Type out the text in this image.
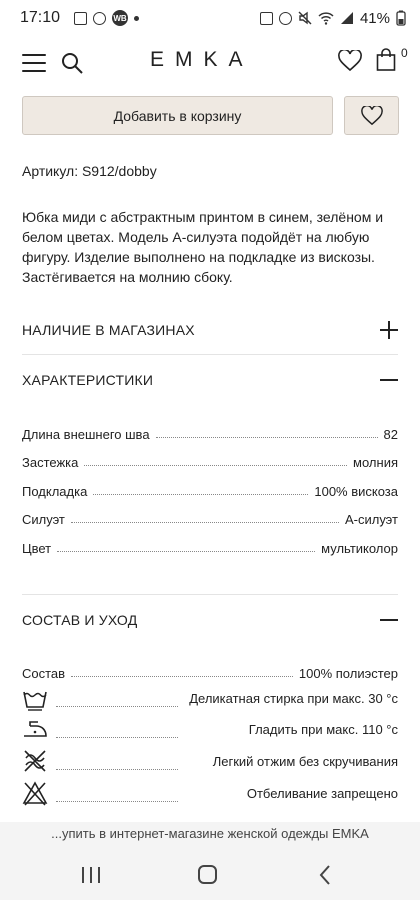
17:10	WB	41%
EMKA	0
Добавить в корзину
Артикул: S912/dobby
Юбка миди с абстрактным принтом в синем, зелёном и белом цветах. Модель А-силуэта подойдёт на любую фигуру. Изделие выполнено на подкладке из вискозы. Застёгивается на молнию сбоку.
НАЛИЧИЕ В МАГАЗИНАХ
ХАРАКТЕРИСТИКИ
Длина внешнего шва	82
Застежка	молния
Подкладка	100% вискоза
Силуэт	А-силуэт
Цвет	мультиколор
СОСТАВ И УХОД
Состав	100% полиэстер
Деликатная стирка при макс. 30 °c
Гладить при макс. 110 °c
Легкий отжим без скручивания
Отбеливание запрещено
...упить в интернет-магазине женской одежды EMKA
